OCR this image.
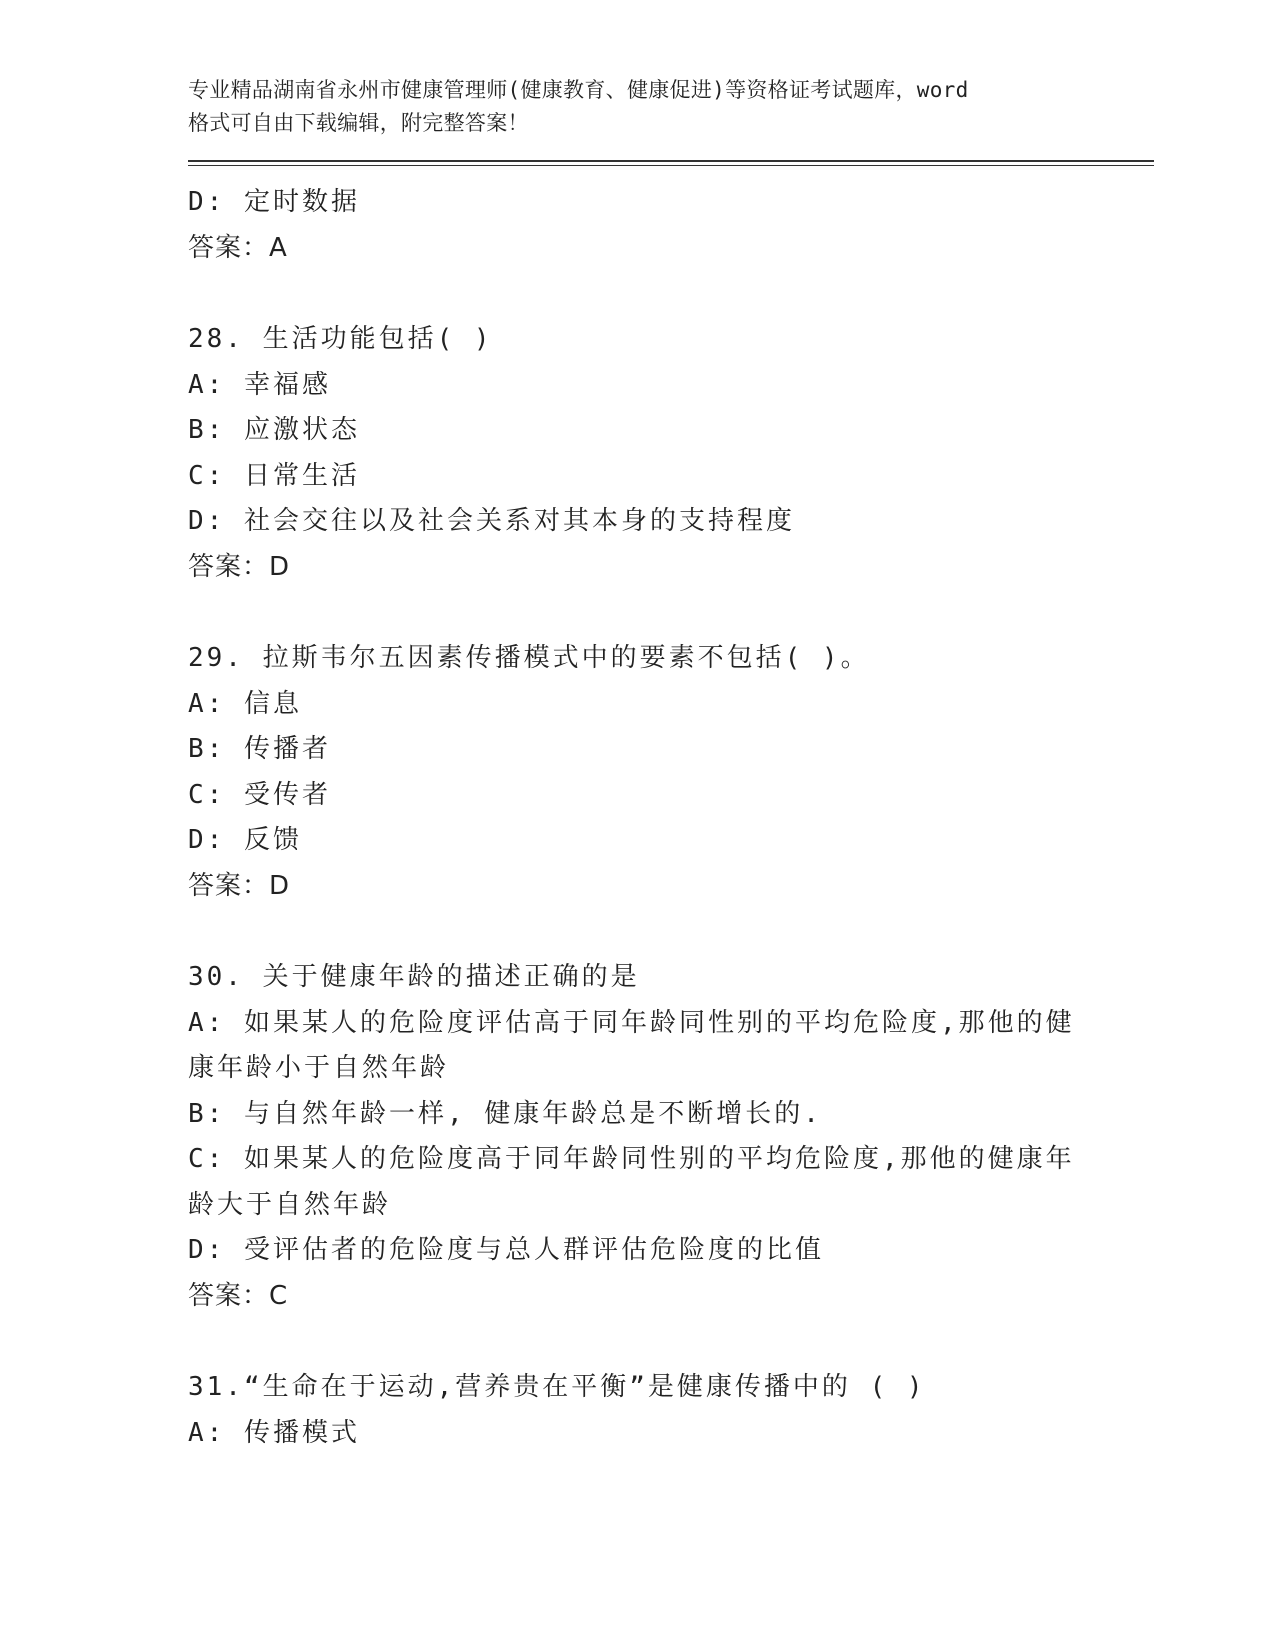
专业精品湖南省永州市健康管理师(健康教育、健康促进)等资格证考试题库，word
格式可自由下载编辑，附完整答案！
D: 定时数据
答案：A
28. 生活功能包括( )
A: 幸福感
B: 应激状态
C: 日常生活
D: 社会交往以及社会关系对其本身的支持程度
答案：D
29. 拉斯韦尔五因素传播模式中的要素不包括( )。
A: 信息
B: 传播者
C: 受传者
D: 反馈
答案：D
30. 关于健康年龄的描述正确的是
A: 如果某人的危险度评估高于同年龄同性别的平均危险度,那他的健
康年龄小于自然年龄
B: 与自然年龄一样, 健康年龄总是不断增长的.
C: 如果某人的危险度高于同年龄同性别的平均危险度,那他的健康年
龄大于自然年龄
D: 受评估者的危险度与总人群评估危险度的比值
答案：C
31.“生命在于运动,营养贵在平衡”是健康传播中的 ( )
A: 传播模式
